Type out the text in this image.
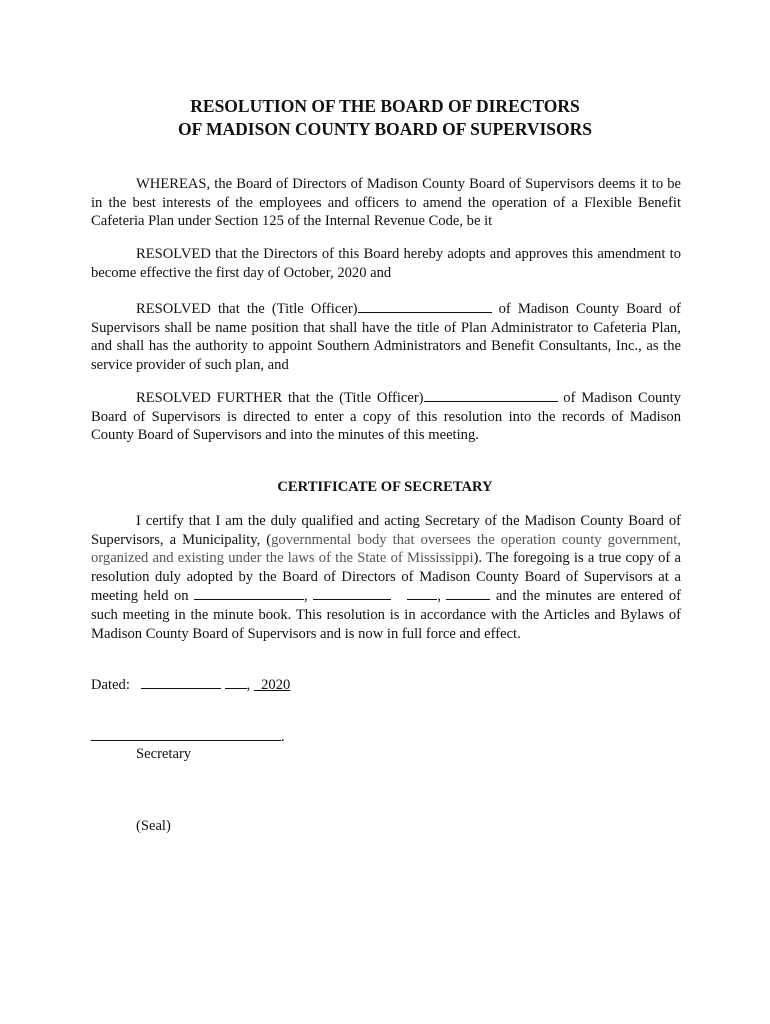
RESOLUTION OF THE BOARD OF DIRECTORS
OF MADISON COUNTY BOARD OF SUPERVISORS

WHEREAS, the Board of Directors of Madison County Board of Supervisors deems it to be in the best interests of the employees and officers to amend the operation of a Flexible Benefit Cafeteria Plan under Section 125 of the Internal Revenue Code, be it

RESOLVED that the Directors of this Board hereby adopts and approves this amendment to become effective the first day of October, 2020 and

RESOLVED that the (Title Officer)	of Madison County Board of Supervisors shall be name position that shall have the title of Plan Administrator to Cafeteria Plan, and shall has the authority to appoint Southern Administrators and Benefit Consultants, Inc., as the service provider of such plan, and

RESOLVED FURTHER that the (Title Officer)	of Madison County Board of Supervisors is directed to enter a copy of this resolution into the records of Madison County Board of Supervisors and into the minutes of this meeting.

CERTIFICATE OF SECRETARY

I certify that I am the duly qualified and acting Secretary of the Madison County Board of Supervisors, a Municipality, (governmental body that oversees the operation county government, organized and existing under the laws of the State of Mississippi). The foregoing is a true copy of a resolution duly adopted by the Board of Directors of Madison County Board of Supervisors at a meeting held on	,	,	and the minutes are entered of such meeting in the minute book. This resolution is in accordance with the Articles and Bylaws of Madison County Board of Supervisors and is now in full force and effect.

Dated:	, 2020
.
Secretary
(Seal)
